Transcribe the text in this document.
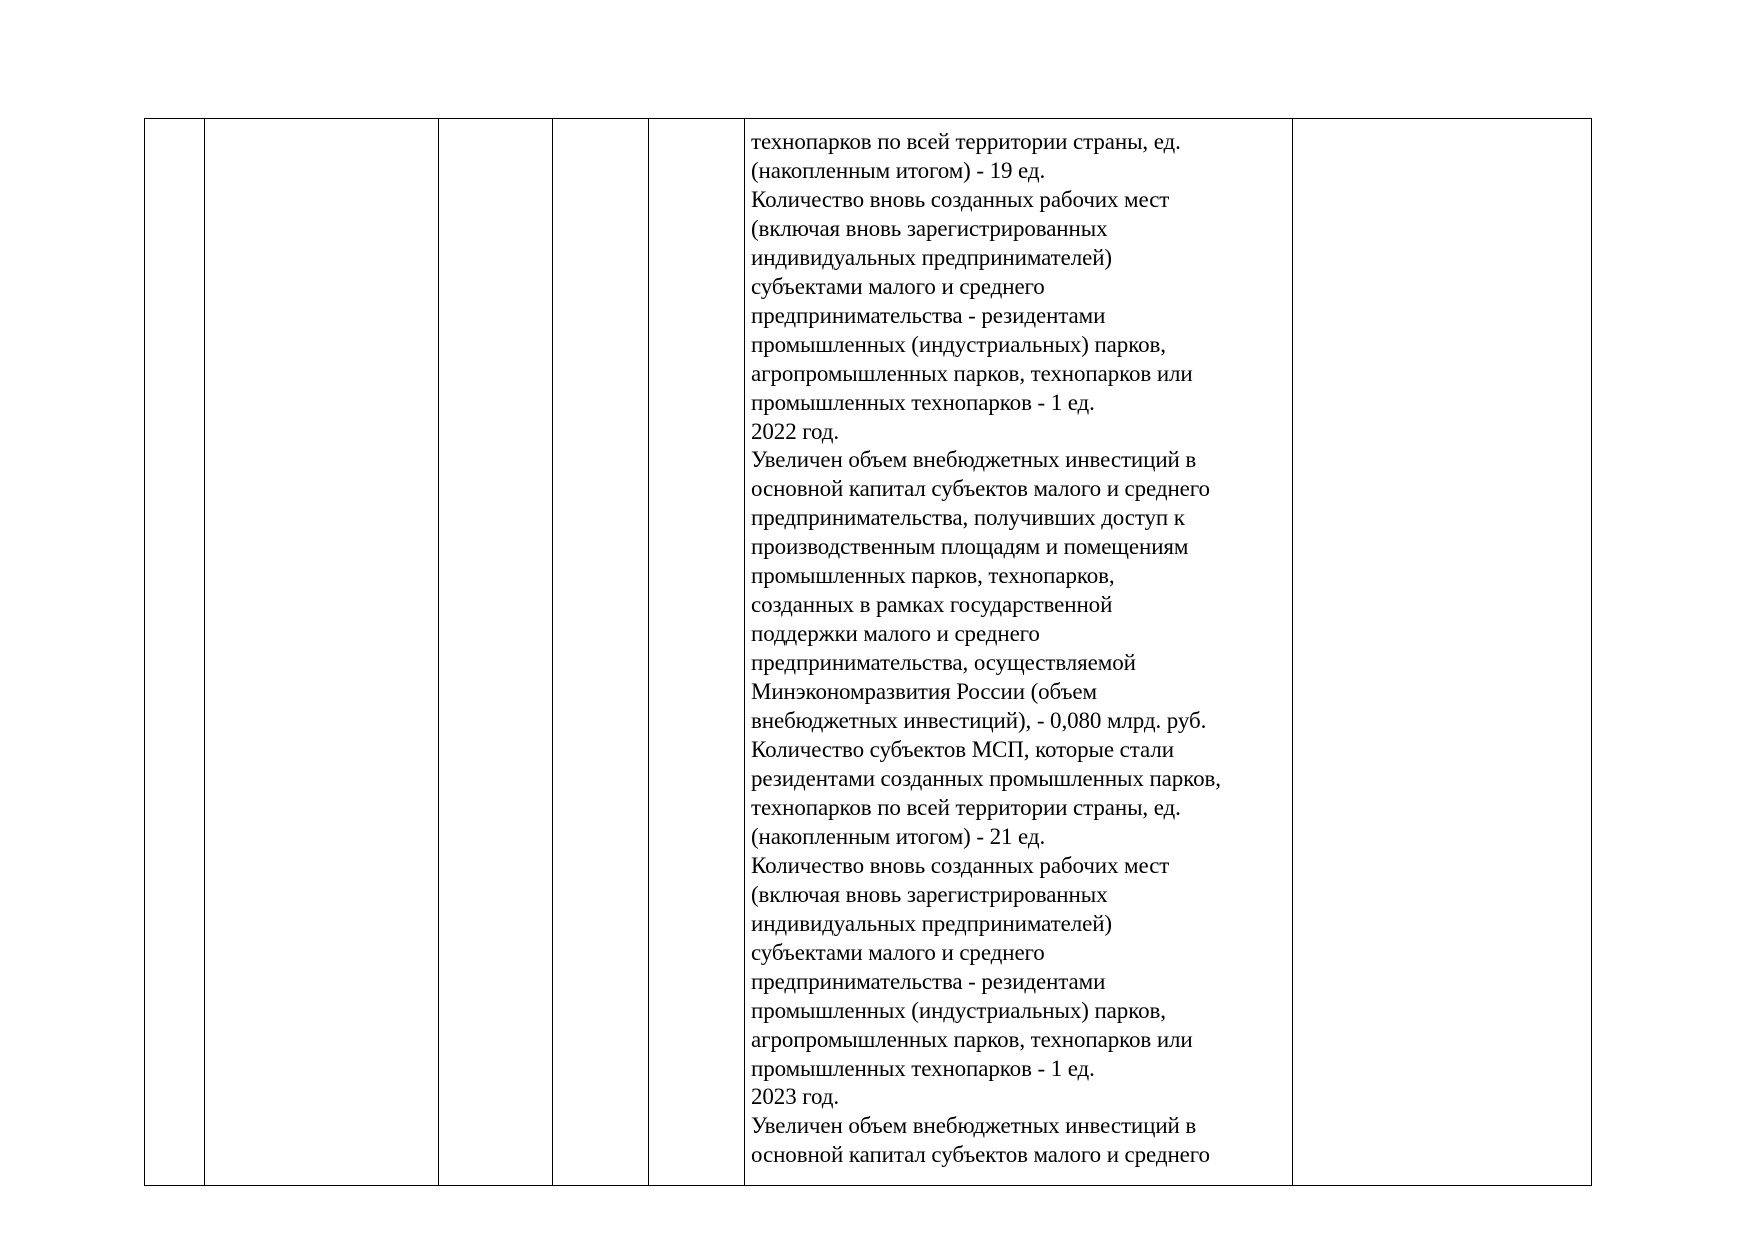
технопарков по всей территории страны, ед.
(накопленным итогом) - 19 ед.
Количество вновь созданных рабочих мест
(включая вновь зарегистрированных
индивидуальных предпринимателей)
субъектами малого и среднего
предпринимательства - резидентами
промышленных (индустриальных) парков,
агропромышленных парков, технопарков или
промышленных технопарков - 1 ед.
2022 год.
Увеличен объем внебюджетных инвестиций в
основной капитал субъектов малого и среднего
предпринимательства, получивших доступ к
производственным площадям и помещениям
промышленных парков, технопарков,
созданных в рамках государственной
поддержки малого и среднего
предпринимательства, осуществляемой
Минэкономразвития России (объем
внебюджетных инвестиций), - 0,080 млрд. руб.
Количество субъектов МСП, которые стали
резидентами созданных промышленных парков,
технопарков по всей территории страны, ед.
(накопленным итогом) - 21 ед.
Количество вновь созданных рабочих мест
(включая вновь зарегистрированных
индивидуальных предпринимателей)
субъектами малого и среднего
предпринимательства - резидентами
промышленных (индустриальных) парков,
агропромышленных парков, технопарков или
промышленных технопарков - 1 ед.
2023 год.
Увеличен объем внебюджетных инвестиций в
основной капитал субъектов малого и среднего
